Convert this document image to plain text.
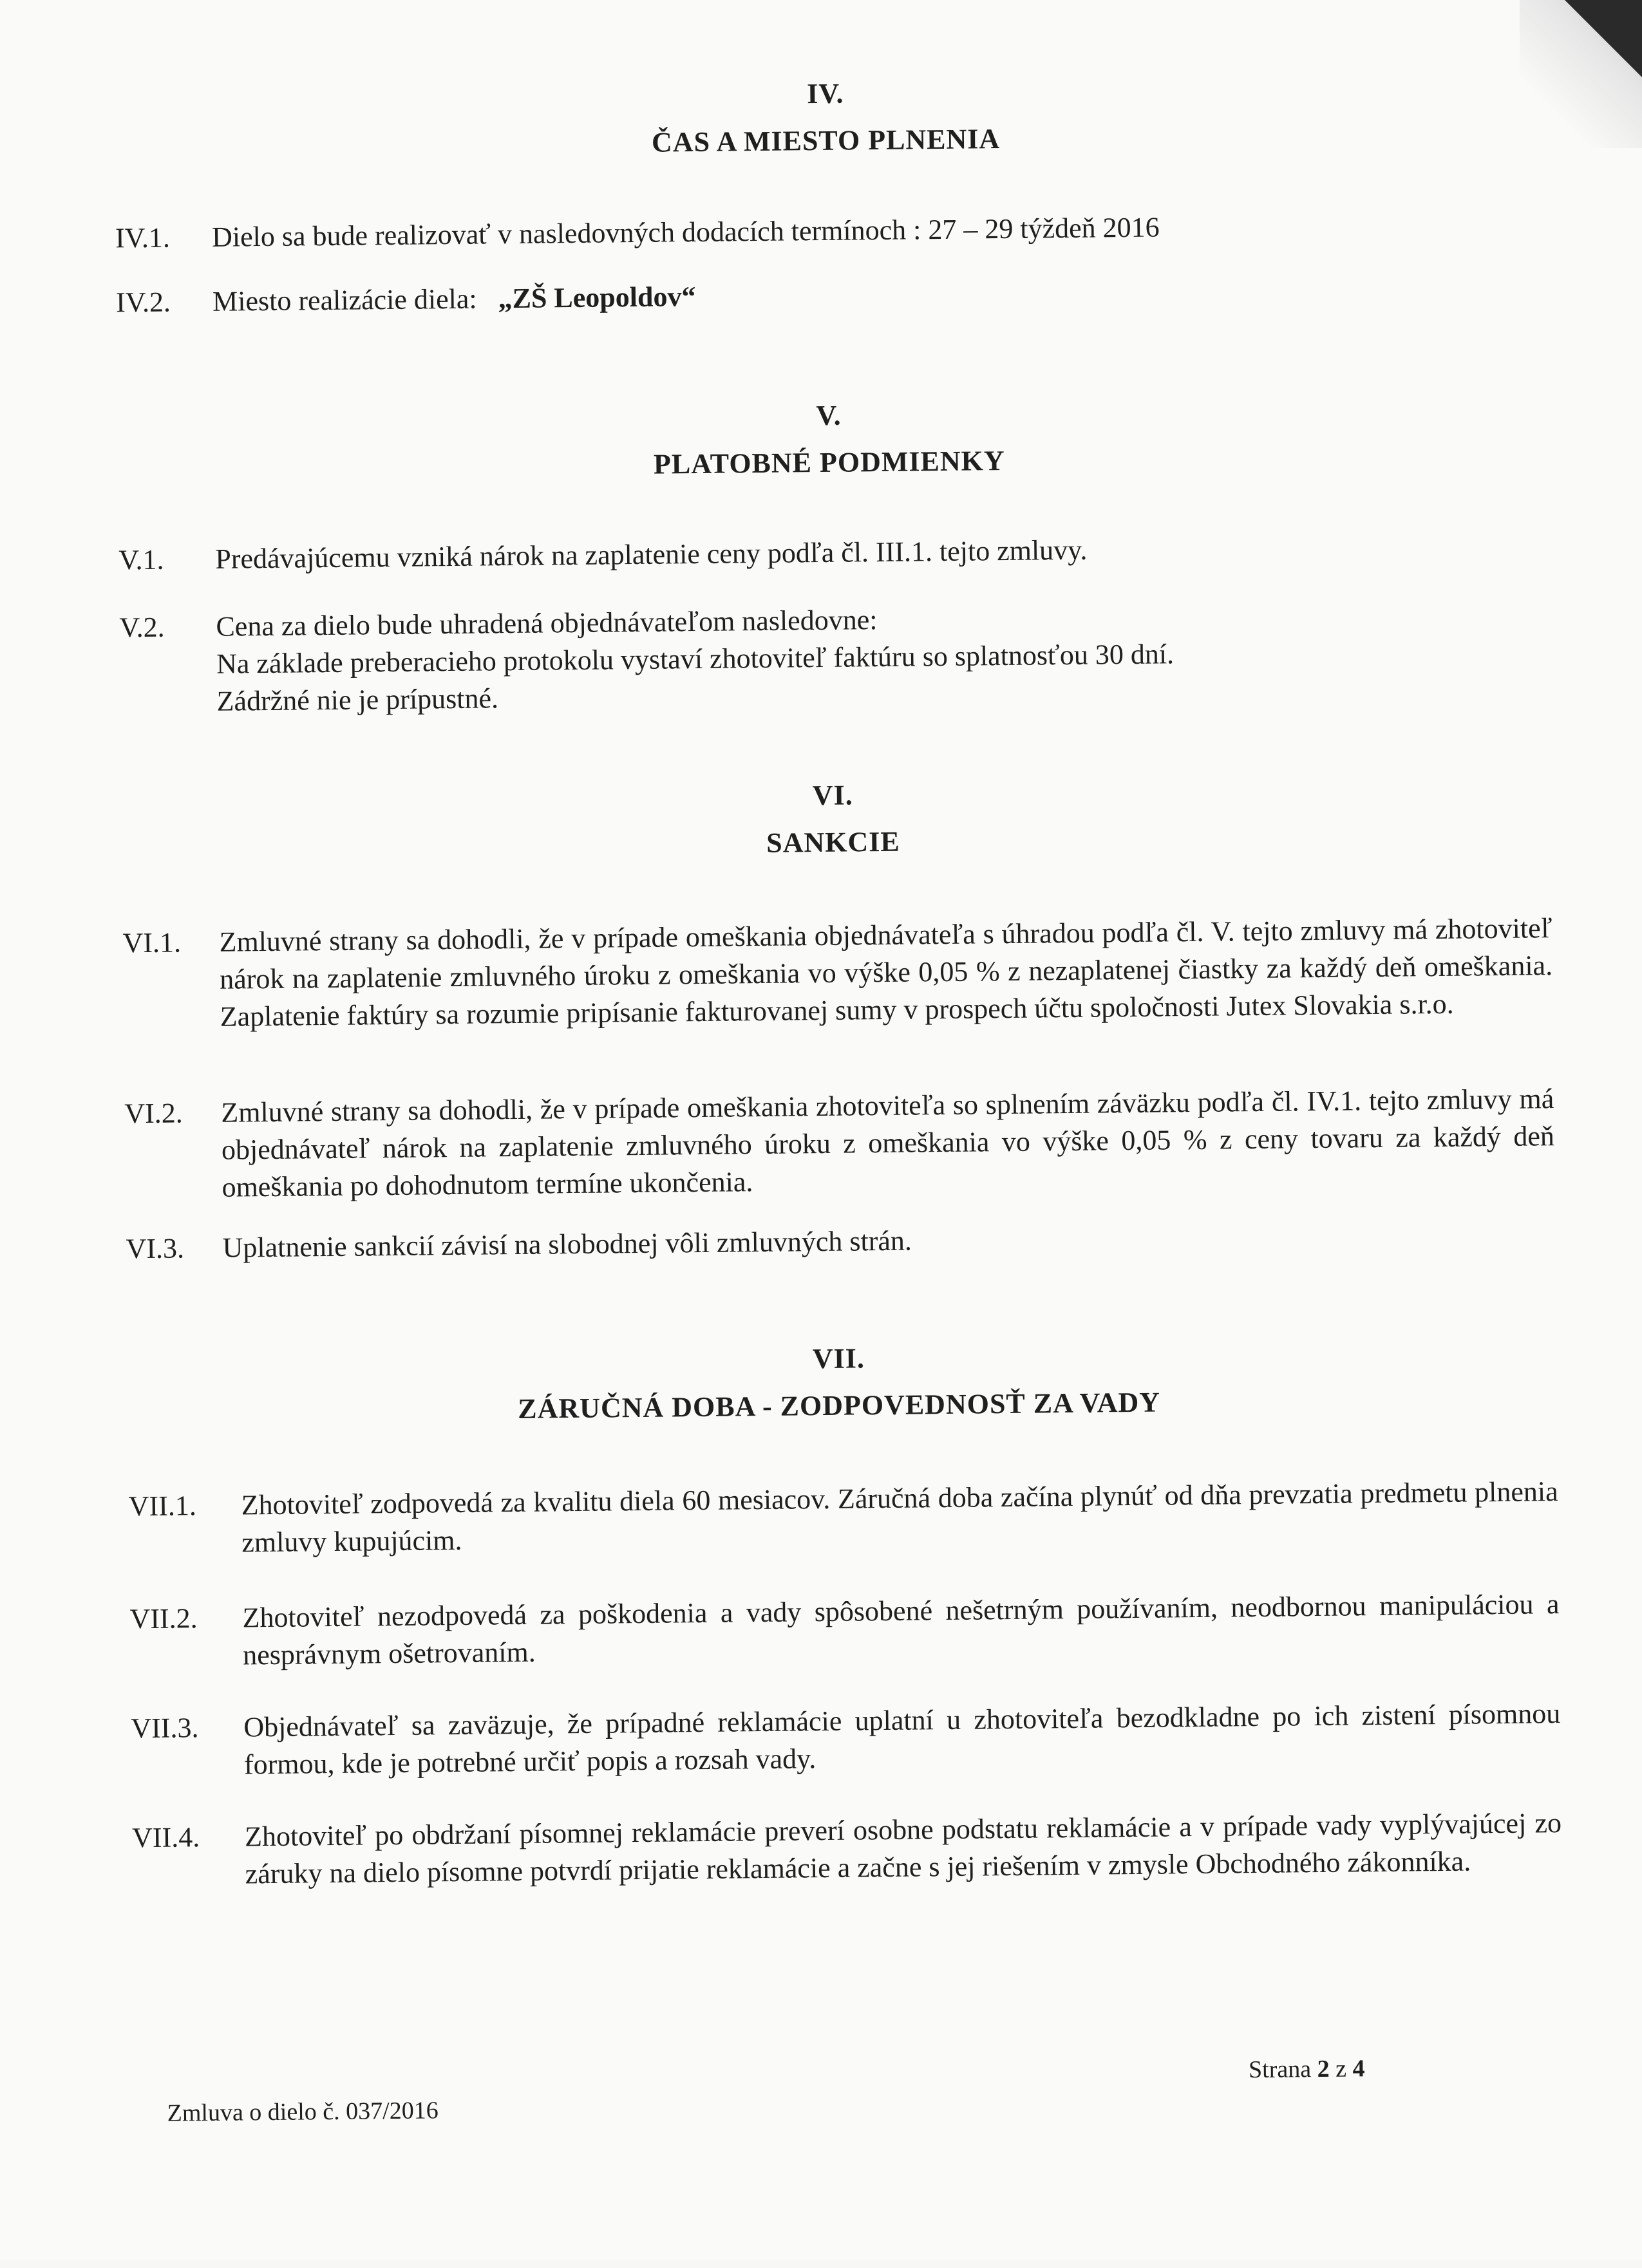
IV.
ČAS A MIESTO PLNENIA
IV.1.	Dielo sa bude realizovať v nasledovných dodacích termínoch : 27 – 29 týždeň 2016
IV.2.	Miesto realizácie diela: „ZŠ Leopoldov“
V.
PLATOBNÉ PODMIENKY
V.1.	Predávajúcemu vzniká nárok na zaplatenie ceny podľa čl. III.1. tejto zmluvy.
V.2.	Cena za dielo bude uhradená objednávateľom nasledovne:
Na základe preberacieho protokolu vystaví zhotoviteľ faktúru so splatnosťou 30 dní.
Zádržné nie je prípustné.
VI.
SANKCIE
VI.1.	Zmluvné strany sa dohodli, že v prípade omeškania objednávateľa s úhradou podľa čl. V. tejto zmluvy má zhotoviteľ nárok na zaplatenie zmluvného úroku z omeškania vo výške 0,05 % z nezaplatenej čiastky za každý deň omeškania. Zaplatenie faktúry sa rozumie pripísanie fakturovanej sumy v prospech účtu spoločnosti Jutex Slovakia s.r.o.
VI.2.	Zmluvné strany sa dohodli, že v prípade omeškania zhotoviteľa so splnením záväzku podľa čl. IV.1. tejto zmluvy má objednávateľ nárok na zaplatenie zmluvného úroku z omeškania vo výške 0,05 % z ceny tovaru za každý deň omeškania po dohodnutom termíne ukončenia.
VI.3.	Uplatnenie sankcií závisí na slobodnej vôli zmluvných strán.
VII.
ZÁRUČNÁ DOBA - ZODPOVEDNOSŤ ZA VADY
VII.1.	Zhotoviteľ zodpovedá za kvalitu diela 60 mesiacov. Záručná doba začína plynúť od dňa prevzatia predmetu plnenia zmluvy kupujúcim.
VII.2.	Zhotoviteľ nezodpovedá za poškodenia a vady spôsobené nešetrným používaním, neodbornou manipuláciou a nesprávnym ošetrovaním.
VII.3.	Objednávateľ sa zaväzuje, že prípadné reklamácie uplatní u zhotoviteľa bezodkladne po ich zistení písomnou formou, kde je potrebné určiť popis a rozsah vady.
VII.4.	Zhotoviteľ po obdržaní písomnej reklamácie preverí osobne podstatu reklamácie a v prípade vady vyplývajúcej zo záruky na dielo písomne potvrdí prijatie reklamácie a začne s jej riešením v zmysle Obchodného zákonníka.
Zmluva o dielo č. 037/2016
Strana 2 z 4
